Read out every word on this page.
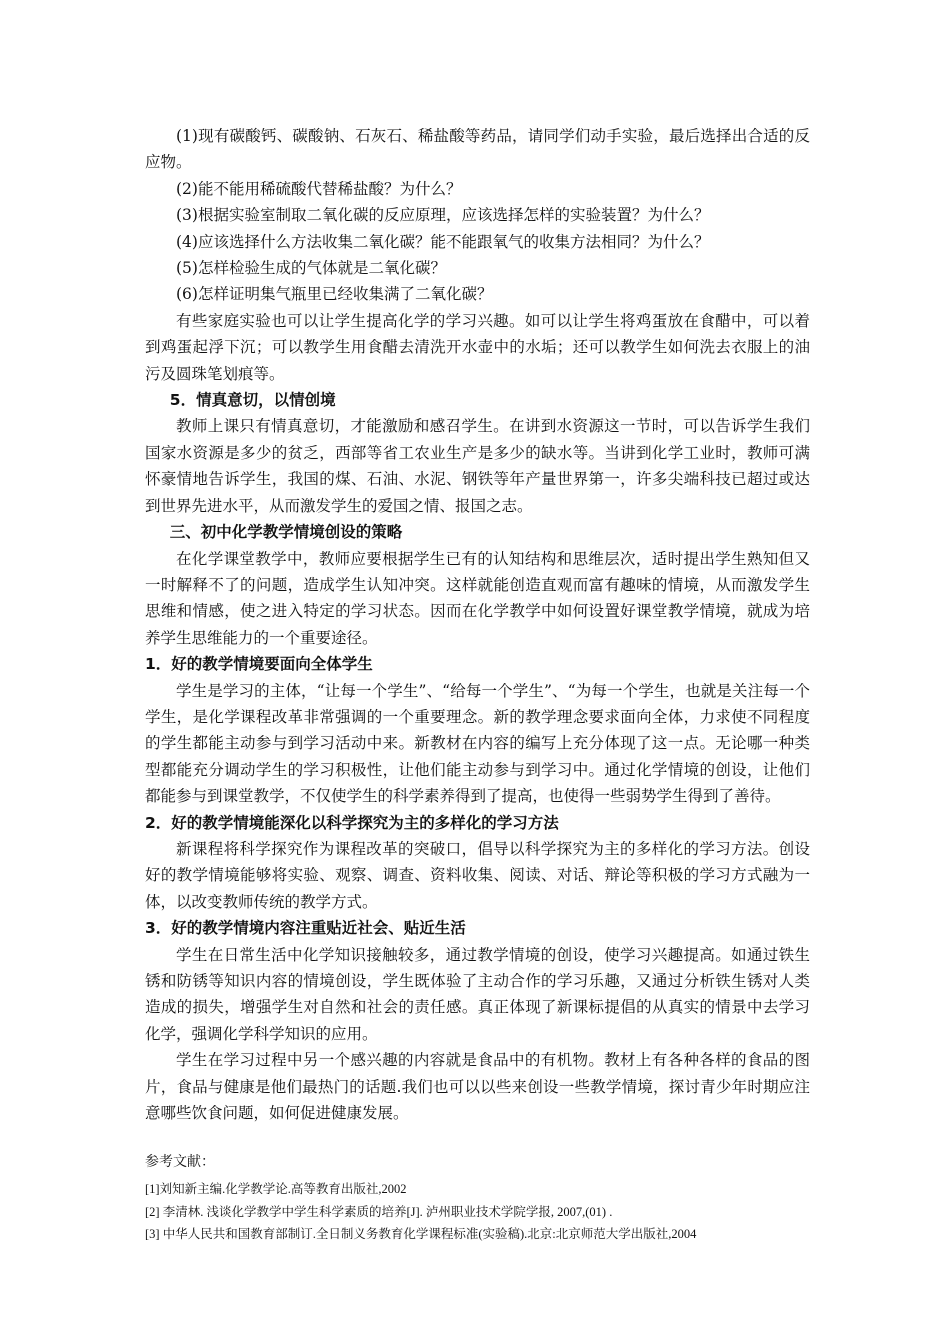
(1)现有碳酸钙、碳酸钠、石灰石、稀盐酸等药品，请同学们动手实验，最后选择出合适的反应物。

(2)能不能用稀硫酸代替稀盐酸？为什么？

(3)根据实验室制取二氧化碳的反应原理，应该选择怎样的实验装置？为什么？

(4)应该选择什么方法收集二氧化碳？能不能跟氧气的收集方法相同？为什么？

(5)怎样检验生成的气体就是二氧化碳？

(6)怎样证明集气瓶里已经收集满了二氧化碳？

有些家庭实验也可以让学生提高化学的学习兴趣。如可以让学生将鸡蛋放在食醋中，可以着到鸡蛋起浮下沉；可以教学生用食醋去清洗开水壶中的水垢；还可以教学生如何洗去衣服上的油污及圆珠笔划痕等。

5．情真意切，以情创境

教师上课只有情真意切，才能激励和感召学生。在讲到水资源这一节时，可以告诉学生我们国家水资源是多少的贫乏，西部等省工农业生产是多少的缺水等。当讲到化学工业时，教师可满怀豪情地告诉学生，我国的煤、石油、水泥、钢铁等年产量世界第一，许多尖端科技已超过或达到世界先进水平，从而激发学生的爱国之情、报国之志。

三、初中化学教学情境创设的策略

在化学课堂教学中，教师应要根据学生已有的认知结构和思维层次，适时提出学生熟知但又一时解释不了的问题，造成学生认知冲突。这样就能创造直观而富有趣味的情境，从而激发学生思维和情感，使之进入特定的学习状态。因而在化学教学中如何设置好课堂教学情境，就成为培养学生思维能力的一个重要途径。

1．好的教学情境要面向全体学生

学生是学习的主体，“让每一个学生”、“给每一个学生”、“为每一个学生，也就是关注每一个学生，是化学课程改革非常强调的一个重要理念。新的教学理念要求面向全体，力求使不同程度的学生都能主动参与到学习活动中来。新教材在内容的编写上充分体现了这一点。无论哪一种类型都能充分调动学生的学习积极性，让他们能主动参与到学习中。通过化学情境的创设，让他们都能参与到课堂教学，不仅使学生的科学素养得到了提高，也使得一些弱势学生得到了善待。

2．好的教学情境能深化以科学探究为主的多样化的学习方法

新课程将科学探究作为课程改革的突破口，倡导以科学探究为主的多样化的学习方法。创设好的教学情境能够将实验、观察、调查、资料收集、阅读、对话、辩论等积极的学习方式融为一体，以改变教师传统的教学方式。

3．好的教学情境内容注重贴近社会、贴近生活

学生在日常生活中化学知识接触较多，通过教学情境的创设，使学习兴趣提高。如通过铁生锈和防锈等知识内容的情境创设，学生既体验了主动合作的学习乐趣，又通过分析铁生锈对人类造成的损失，增强学生对自然和社会的责任感。真正体现了新课标提倡的从真实的情景中去学习化学，强调化学科学知识的应用。

学生在学习过程中另一个感兴趣的内容就是食品中的有机物。教材上有各种各样的食品的图片，食品与健康是他们最热门的话题.我们也可以以些来创设一些教学情境，探讨青少年时期应注意哪些饮食问题，如何促进健康发展。

参考文献：

[1]刘知新主编.化学教学论.高等教育出版社,2002

[2] 李清林. 浅谈化学教学中学生科学素质的培养[J]. 泸州职业技术学院学报, 2007,(01) .

[3] 中华人民共和国教育部制订.全日制义务教育化学课程标准(实验稿).北京:北京师范大学出版社,2004
